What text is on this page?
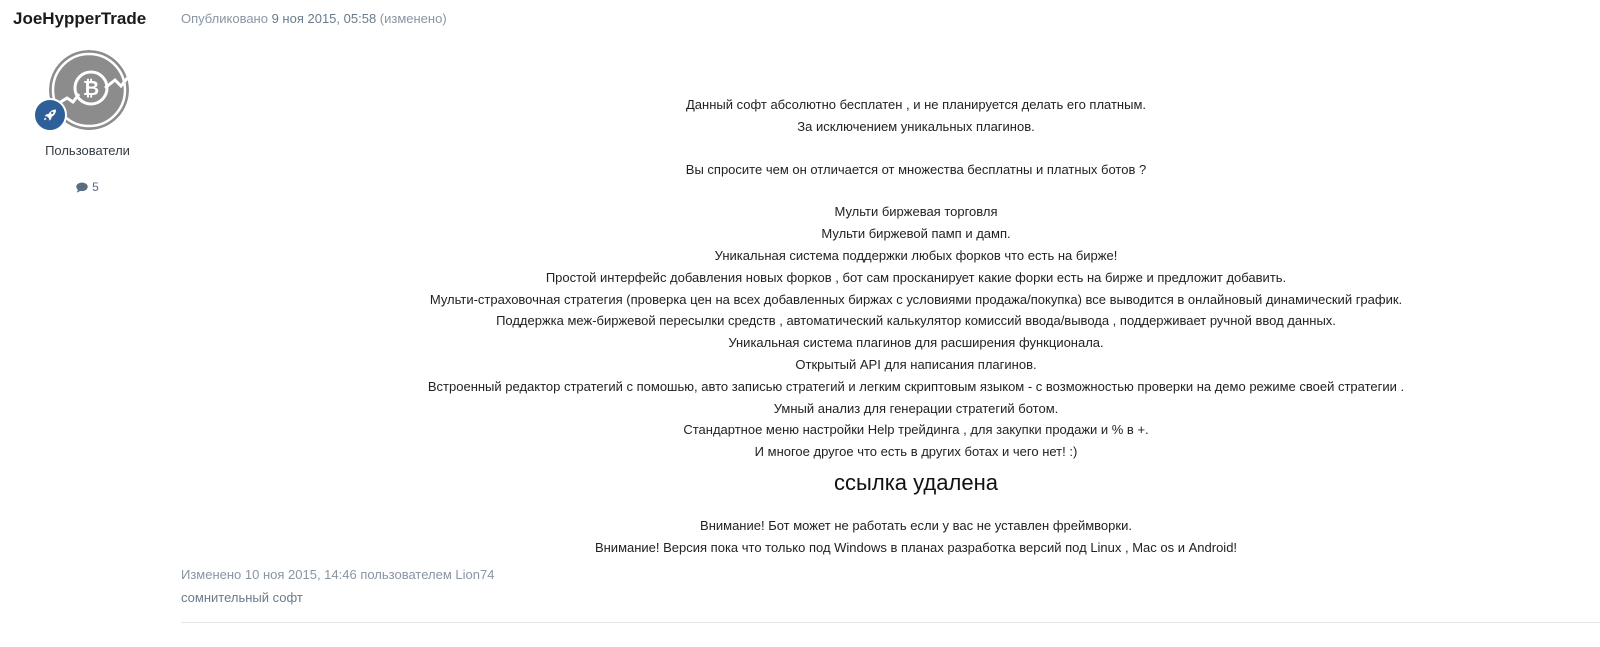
JoeHypperTrade
₿
Пользователи
5
Опубликовано 9 ноя 2015, 05:58 (изменено)

Данный софт абсолютно бесплатен , и не планируется делать его платным.

За исключением уникальных плагинов.

Вы спросите чем он отличается от множества бесплатны и платных ботов ?

Мульти биржевая торговля

Мульти биржевой памп и дамп.

Уникальная система поддержки любых форков что есть на бирже!

Простой интерфейс добавления новых форков , бот сам просканирует какие форки есть на бирже и предложит добавить.

Мульти-страховочная стратегия (проверка цен на всех добавленных биржах с условиями продажа/покупка) все выводится в онлайновый динамический график.

Поддержка меж-биржевой пересылки средств , автоматический калькулятор комиссий ввода/вывода , поддерживает ручной ввод данных.

Уникальная система плагинов для расширения функционала.

Открытый API для написания плагинов.

Встроенный редактор стратегий с помошью, авто записью стратегий и легким скриптовым языком - с возможностью проверки на демо режиме своей стратегии .

Умный анализ для генерации стратегий ботом.

Стандартное меню настройки Help трейдинга , для закупки продажи и % в +.

И многое другое что есть в других ботах и чего нет! :)

ссылка удалена

Внимание! Бот может не работать если у вас не уставлен фреймворки.

Внимание! Версия пока что только под Windows в планах разработка версий под Linux , Mac os и Android!

Изменено 10 ноя 2015, 14:46 пользователем Lion74
сомнительный софт
